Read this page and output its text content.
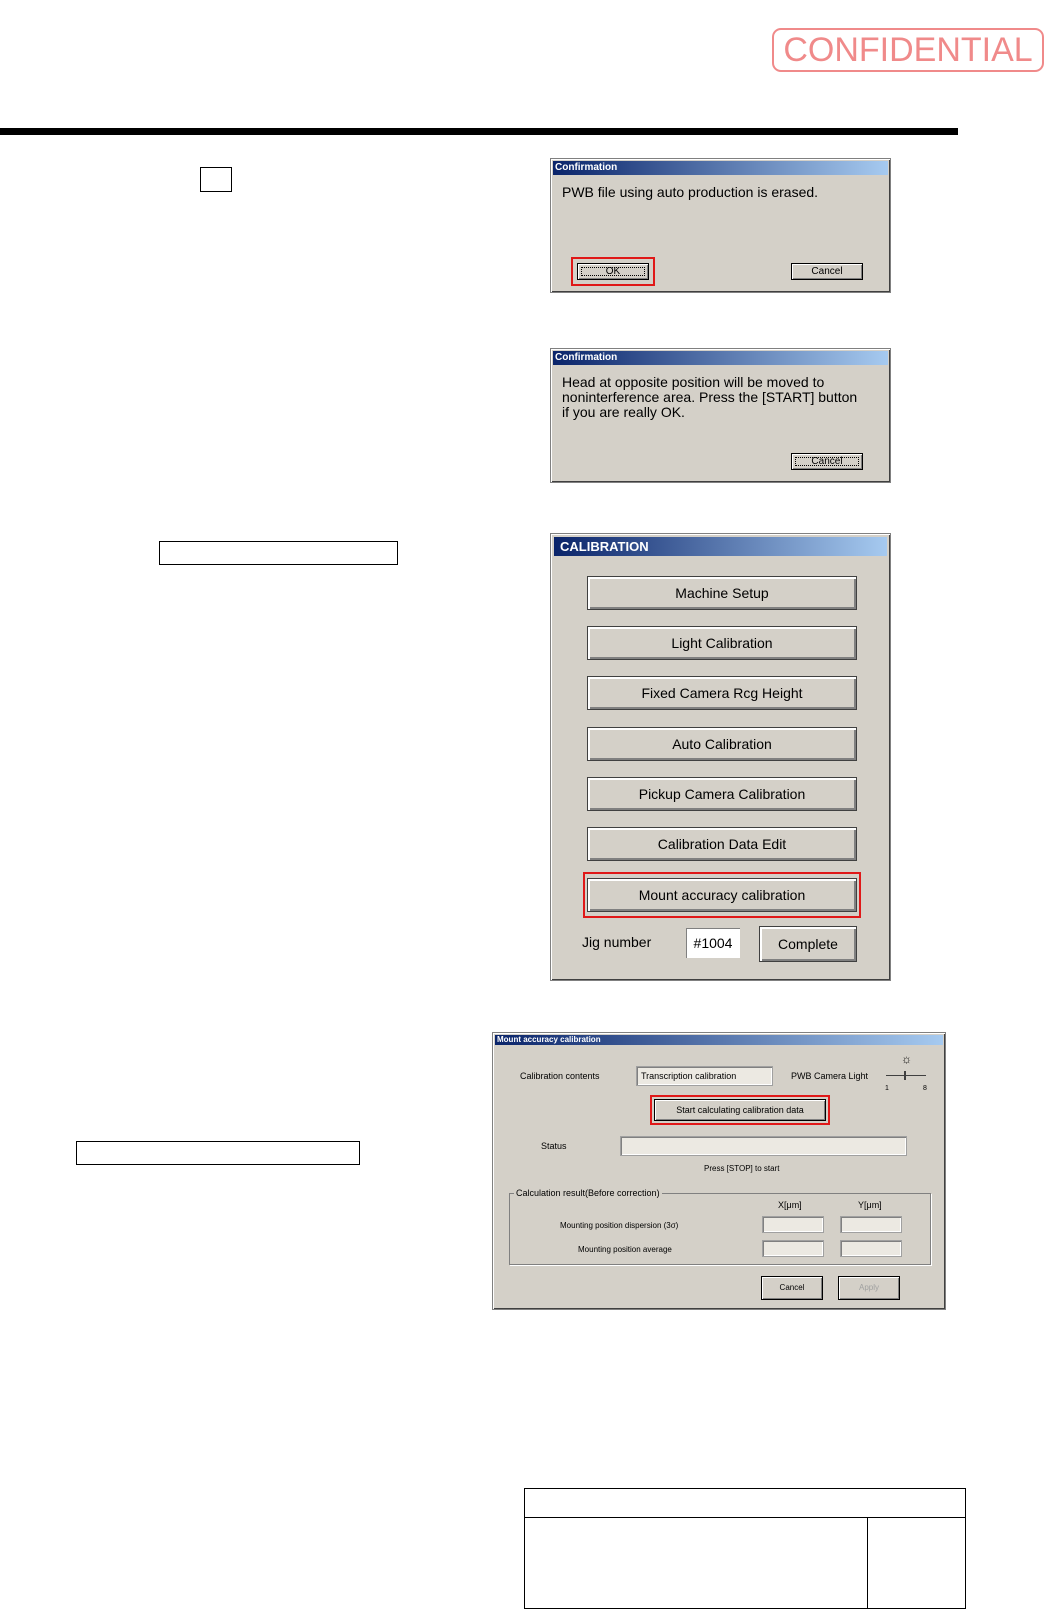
CONFIDENTIAL
Confirmation
PWB file using auto production is erased.
OK	Cancel
Confirmation
Head at opposite position will be moved to noninterference area. Press the [START] button if you are really OK.
Cancel
CALIBRATION
Machine Setup
Light Calibration
Fixed Camera Rcg Height
Auto Calibration
Pickup Camera Calibration
Calibration Data Edit
Mount accuracy calibration
Jig number	#1004	Complete
Mount accuracy calibration
Calibration contents	Transcription calibration	PWB Camera Light
☼
1	8
Start calculating calibration data
Status
Press [STOP] to start
Calculation result(Before correction)
X[μm]	Y[μm]
Mounting position dispersion (3σ)
Mounting position average
Cancel	Apply
